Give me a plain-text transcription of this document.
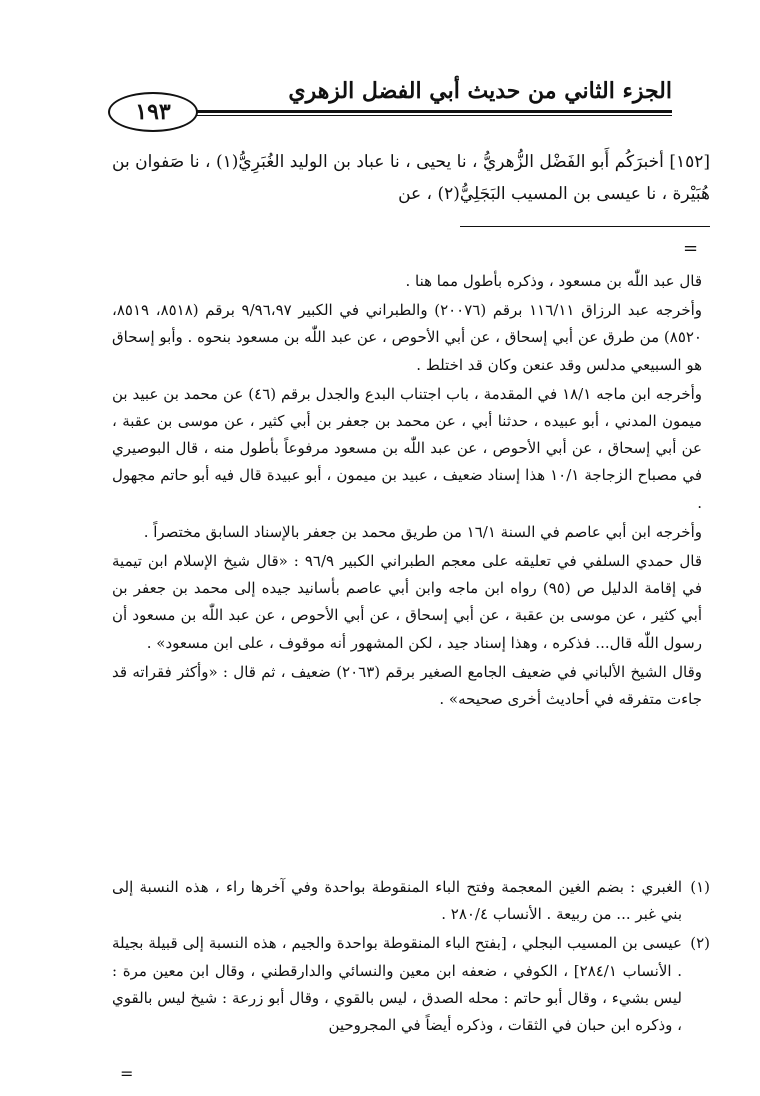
الجزء الثاني من حديث أبي الفضل الزهري
١٩٣

[١٥٢] أخبرَكُم أَبو الفَضْل الزُّهريُّ ، نا يحيى ، نا عباد بن الوليد الغُبَرِيُّ(١) ، نا صَفوان بن هُبَيْرة ، نا عيسى بن المسيب البَجَلِيُّ(٢) ، عن

=

قال عبد اللّٰه بن مسعود ، وذكره بأطول مما هنا .

وأخرجه عبد الرزاق ١١٦/١١ برقم (٢٠٠٧٦) والطبراني في الكبير ٩/٩٦،٩٧ برقم (٨٥١٨، ٨٥١٩، ٨٥٢٠) من طرق عن أبي إسحاق ، عن أبي الأحوص ، عن عبد اللّٰه بن مسعود بنحوه . وأبو إسحاق هو السبيعي مدلس وقد عنعن وكان قد اختلط .

وأخرجه ابن ماجه ١٨/١ في المقدمة ، باب اجتناب البدع والجدل برقم (٤٦) عن محمد بن عبيد بن ميمون المدني ، أبو عبيده ، حدثنا أبي ، عن محمد بن جعفر بن أبي كثير ، عن موسى بن عقبة ، عن أبي إسحاق ، عن أبي الأحوص ، عن عبد اللّٰه بن مسعود مرفوعاً بأطول منه ، قال البوصيري في مصباح الزجاجة ١٠/١ هذا إسناد ضعيف ، عبيد بن ميمون ، أبو عبيدة قال فيه أبو حاتم مجهول .

وأخرجه ابن أبي عاصم في السنة ١٦/١ من طريق محمد بن جعفر بالإسناد السابق مختصراً .

قال حمدي السلفي في تعليقه على معجم الطبراني الكبير ٩٦/٩ : «قال شيخ الإسلام ابن تيمية في إقامة الدليل ص (٩٥) رواه ابن ماجه وابن أبي عاصم بأسانيد جيده إلى محمد بن جعفر بن أبي كثير ، عن موسى بن عقبة ، عن أبي إسحاق ، عن أبي الأحوص ، عن عبد اللّٰه بن مسعود أن رسول اللّٰه قال... فذكره ، وهذا إسناد جيد ، لكن المشهور أنه موقوف ، على ابن مسعود» .

وقال الشيخ الألباني في ضعيف الجامع الصغير برقم (٢٠٦٣) ضعيف ، ثم قال : «وأكثر فقراته قد جاءت متفرقه في أحاديث أخرى صحيحه» .

(١)
الغبري : بضم الغين المعجمة وفتح الباء المنقوطة بواحدة وفي آخرها راء ، هذه النسبة إلى بني غبر ... من ربيعة . الأنساب ٢٨٠/٤ .
(٢)
عيسى بن المسيب البجلي ، [بفتح الباء المنقوطة بواحدة والجيم ، هذه النسبة إلى قبيلة بجيلة . الأنساب ٢٨٤/١] ، الكوفي ، ضعفه ابن معين والنسائي والدارقطني ، وقال ابن معين مرة : ليس بشيء ، وقال أبو حاتم : محله الصدق ، ليس بالقوي ، وقال أبو زرعة : شيخ ليس بالقوي ، وذكره ابن حبان في الثقات ، وذكره أيضاً في المجروحين
=
